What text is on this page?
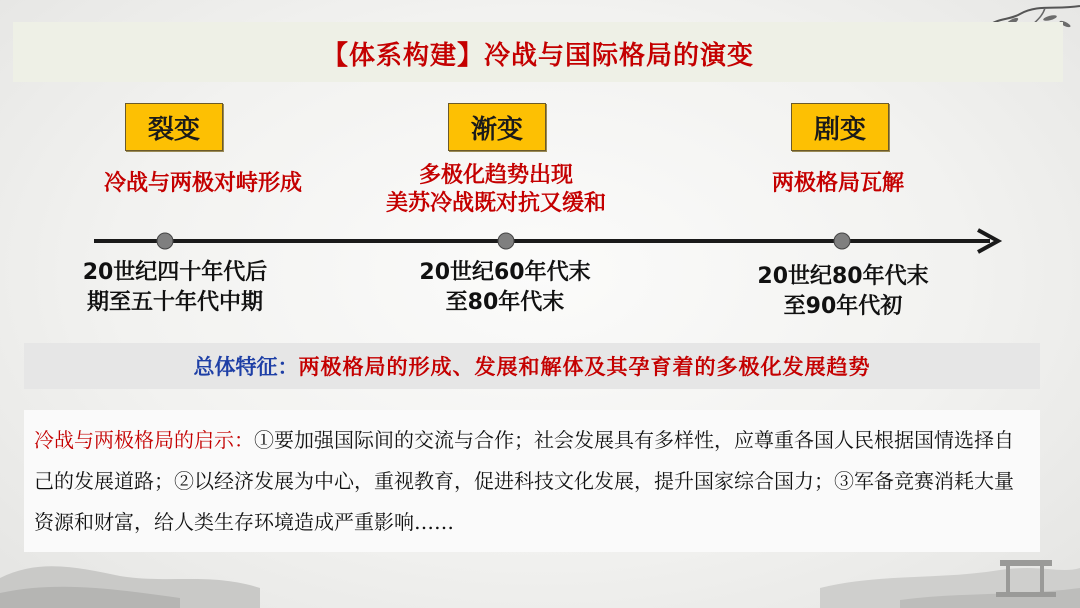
【体系构建】冷战与国际格局的演变
裂变	渐变	剧变
冷战与两极对峙形成	多极化趋势出现
美苏冷战既对抗又缓和
两极格局瓦解
20世纪四十年代后
期至五十年代中期
20世纪60年代末
至80年代末
20世纪80年代末
至90年代初
总体特征： 两极格局的形成、发展和解体及其孕育着的多极化发展趋势
冷战与两极格局的启示：①要加强国际间的交流与合作；社会发展具有多样性，应尊重各国人民根据国情选择自己的发展道路；②以经济发展为中心，重视教育，促进科技文化发展，提升国家综合国力；③军备竞赛消耗大量资源和财富，给人类生存环境造成严重影响……
